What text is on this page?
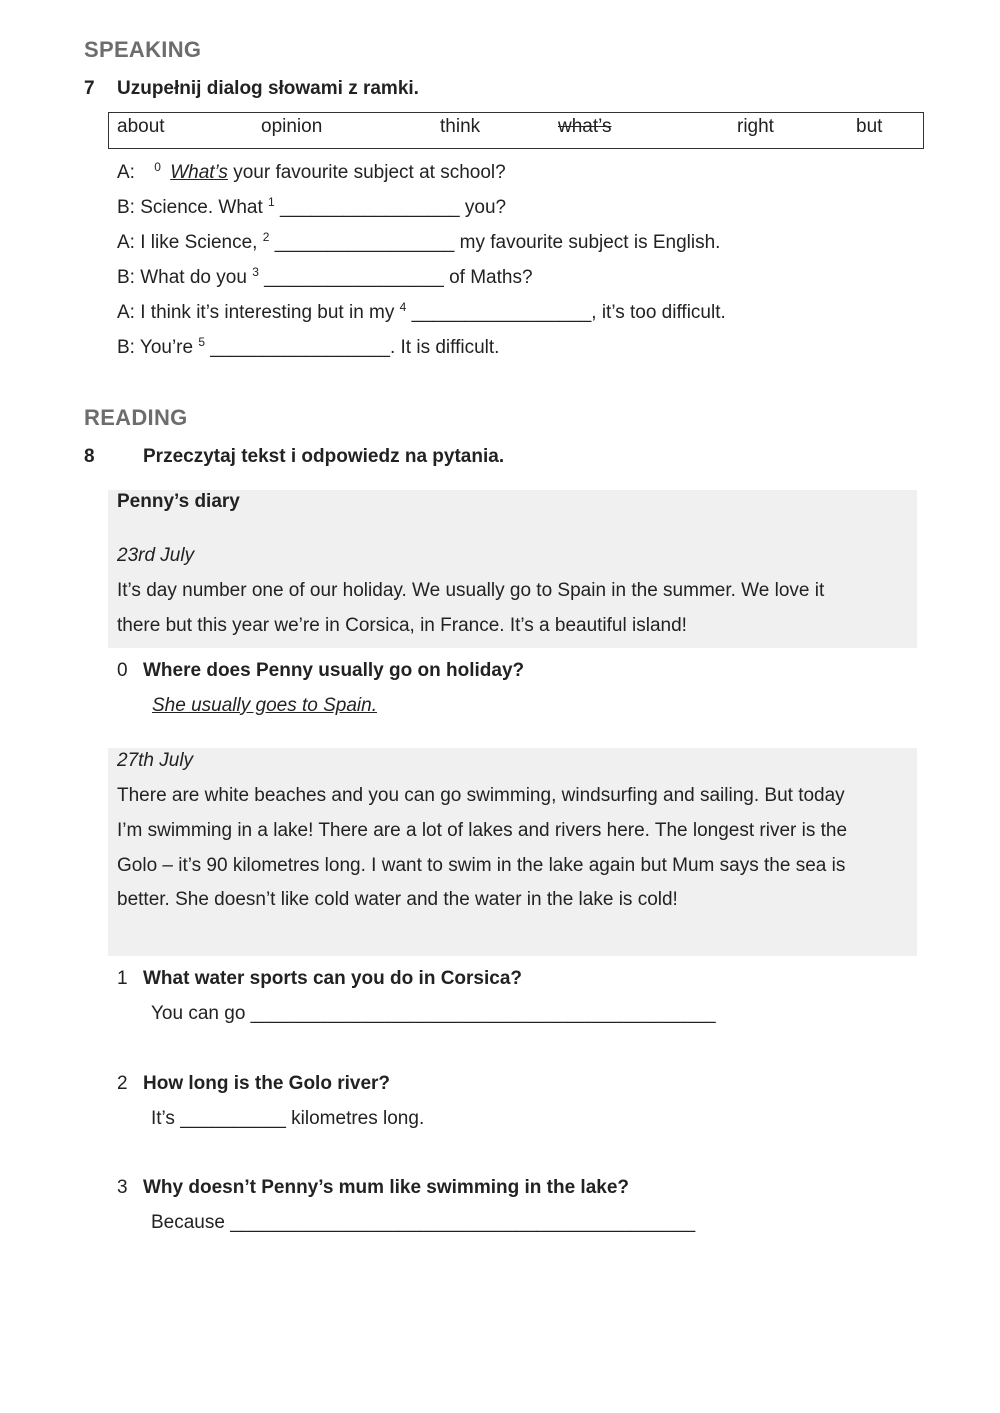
SPEAKING
7 Uzupełnij dialog słowami z ramki.
about	opinion	think	what’s	right	but
A: $^0$ What’s your favourite subject at school?
B: Science. What $^1$ _________________ you?
A: I like Science, $^2$ _________________ my favourite subject is English.
B: What do you $^3$ _________________ of Maths?
A: I think it’s interesting but in my $^4$ _________________, it’s too difficult.
B: You’re $^5$ _________________. It is difficult.
READING
8	Przeczytaj tekst i odpowiedz na pytania.
Penny’s diary
23rd July
It’s day number one of our holiday. We usually go to Spain in the summer. We love it
there but this year we’re in Corsica, in France. It’s a beautiful island!
0 Where does Penny usually go on holiday?
She usually goes to Spain.
27th July
There are white beaches and you can go swimming, windsurfing and sailing. But today
I’m swimming in a lake! There are a lot of lakes and rivers here. The longest river is the
Golo – it’s 90 kilometres long. I want to swim in the lake again but Mum says the sea is
better. She doesn’t like cold water and the water in the lake is cold!
1 What water sports can you do in Corsica?
You can go ____________________________________________
2 How long is the Golo river?
It’s __________ kilometres long.
3 Why doesn’t Penny’s mum like swimming in the lake?
Because ____________________________________________
